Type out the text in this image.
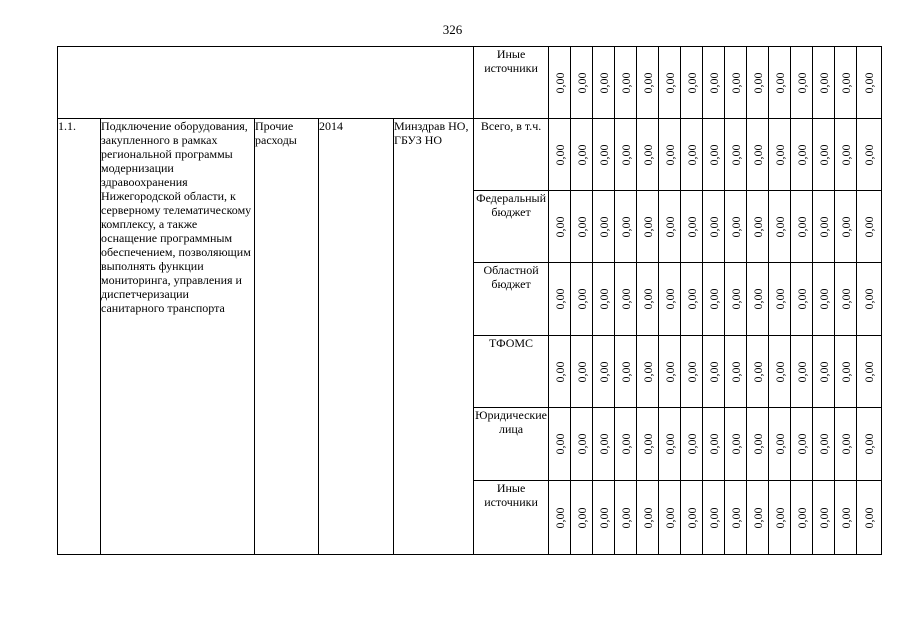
326
					Иные источники	0,00	0,00	0,00	0,00	0,00	0,00	0,00	0,00	0,00	0,00	0,00	0,00	0,00	0,00	0,00

1.1.	Подключение оборудования, закупленного в рамках региональной программы модернизации здравоохранения Нижегородской области, к серверному телематическому комплексу, а также оснащение программным обеспечением, позволяющим выполнять функции мониторинга, управления и диспетчеризации санитарного транспорта	Прочие расходы	2014	Минздрав НО, ГБУЗ НО	Всего, в т.ч.	0,00	0,00	0,00	0,00	0,00	0,00	0,00	0,00	0,00	0,00	0,00	0,00	0,00	0,00	0,00

					Федеральный бюджет	0,00	0,00	0,00	0,00	0,00	0,00	0,00	0,00	0,00	0,00	0,00	0,00	0,00	0,00	0,00

					Областной бюджет	0,00	0,00	0,00	0,00	0,00	0,00	0,00	0,00	0,00	0,00	0,00	0,00	0,00	0,00	0,00

					ТФОМС	0,00	0,00	0,00	0,00	0,00	0,00	0,00	0,00	0,00	0,00	0,00	0,00	0,00	0,00	0,00

					Юридические лица	0,00	0,00	0,00	0,00	0,00	0,00	0,00	0,00	0,00	0,00	0,00	0,00	0,00	0,00	0,00

					Иные источники	0,00	0,00	0,00	0,00	0,00	0,00	0,00	0,00	0,00	0,00	0,00	0,00	0,00	0,00	0,00
